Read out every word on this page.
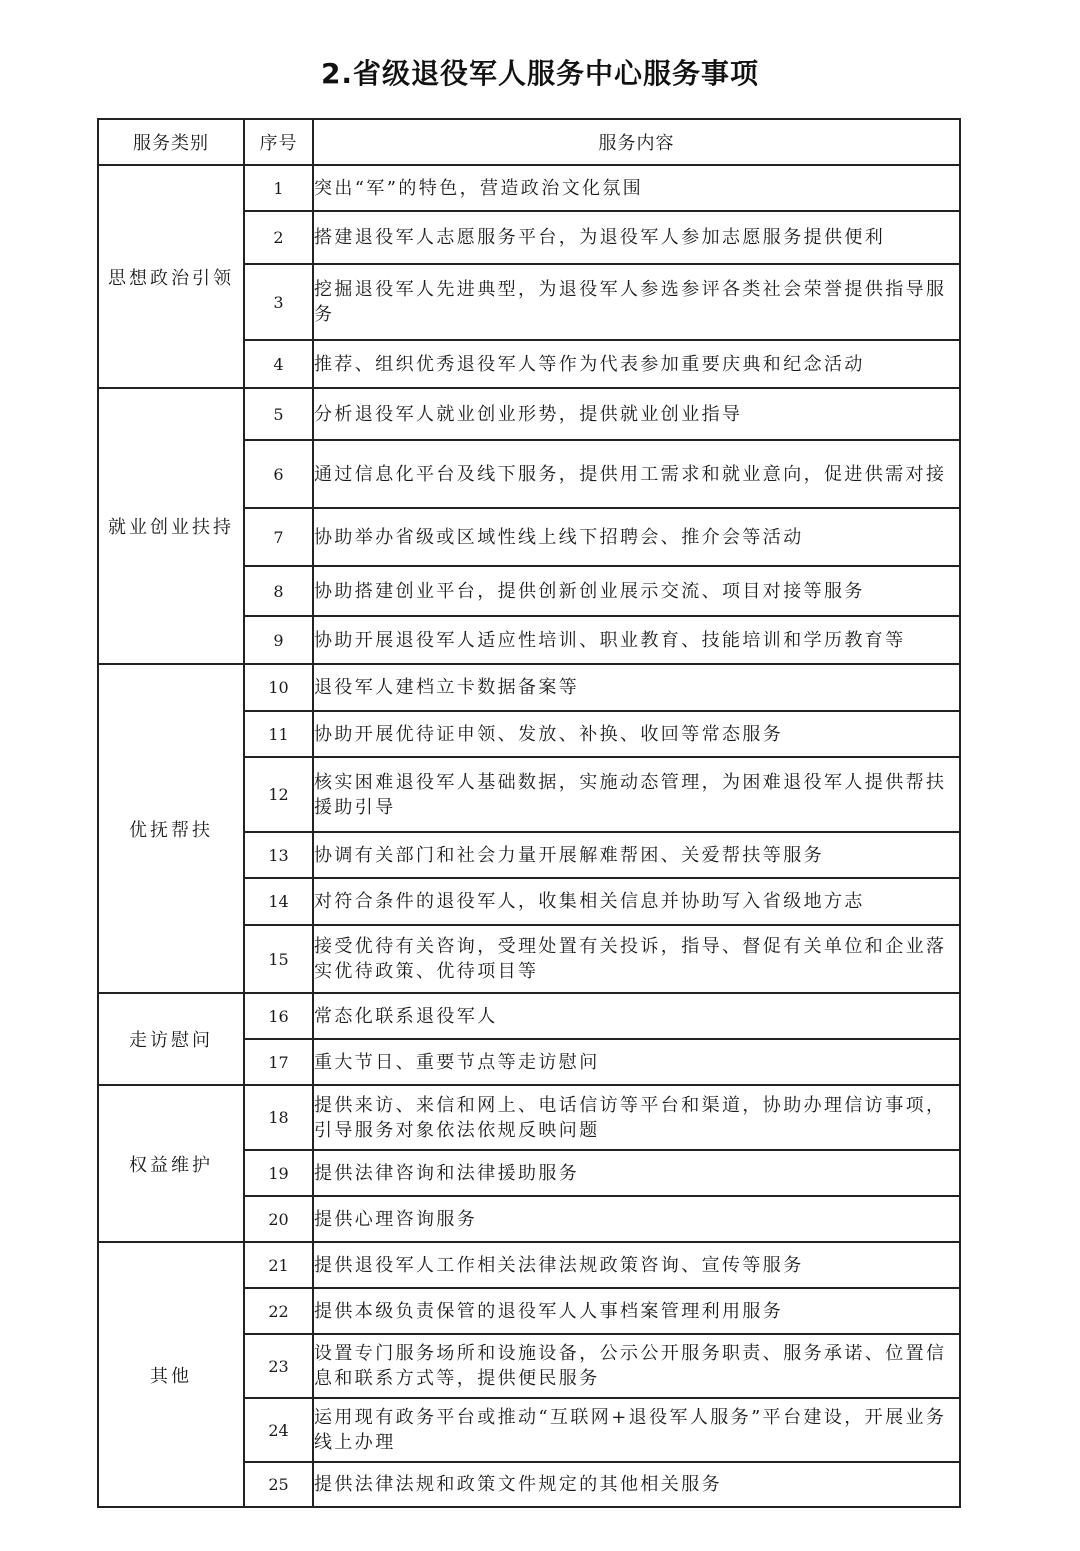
2.省级退役军人服务中心服务事项
服务类别	序号	服务内容
思想政治引领	1	突出“军”的特色，营造政治文化氛围
	2	搭建退役军人志愿服务平台，为退役军人参加志愿服务提供便利
	3	挖掘退役军人先进典型，为退役军人参选参评各类社会荣誉提供指导服务
	4	推荐、组织优秀退役军人等作为代表参加重要庆典和纪念活动
就业创业扶持	5	分析退役军人就业创业形势，提供就业创业指导
	6	通过信息化平台及线下服务，提供用工需求和就业意向，促进供需对接
	7	协助举办省级或区域性线上线下招聘会、推介会等活动
	8	协助搭建创业平台，提供创新创业展示交流、项目对接等服务
	9	协助开展退役军人适应性培训、职业教育、技能培训和学历教育等
优抚帮扶	10	退役军人建档立卡数据备案等
	11	协助开展优待证申领、发放、补换、收回等常态服务
	12	核实困难退役军人基础数据，实施动态管理，为困难退役军人提供帮扶援助引导
	13	协调有关部门和社会力量开展解难帮困、关爱帮扶等服务
	14	对符合条件的退役军人，收集相关信息并协助写入省级地方志
	15	接受优待有关咨询，受理处置有关投诉，指导、督促有关单位和企业落实优待政策、优待项目等
走访慰问	16	常态化联系退役军人
	17	重大节日、重要节点等走访慰问
权益维护	18	提供来访、来信和网上、电话信访等平台和渠道，协助办理信访事项，引导服务对象依法依规反映问题
	19	提供法律咨询和法律援助服务
	20	提供心理咨询服务
其他	21	提供退役军人工作相关法律法规政策咨询、宣传等服务
	22	提供本级负责保管的退役军人人事档案管理利用服务
	23	设置专门服务场所和设施设备，公示公开服务职责、服务承诺、位置信息和联系方式等，提供便民服务
	24	运用现有政务平台或推动“互联网+退役军人服务”平台建设，开展业务线上办理
	25	提供法律法规和政策文件规定的其他相关服务
